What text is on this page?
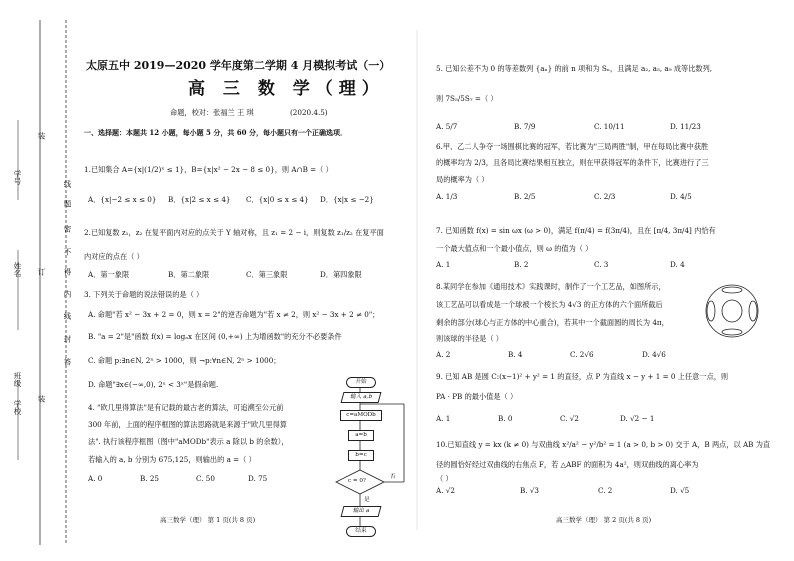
学号
姓名
学校
班级
装
密
不
得
内
线
封
答
订
装
题
线
太原五中 2019—2020 学年度第二学期 4 月模拟考试（一）
高 三 数 学（理）
命题，校对：张福兰 王 琪	(2020.4.5)
一、选择题：本题共 12 小题，每小题 5 分，共 60 分，每小题只有一个正确选项．
1.已知集合 A={x|(1/2)ˣ ≤ 1}，B={x|x² − 2x − 8 ≤ 0}，则 A∩B =（ ）
A．{x|−2 ≤ x ≤ 0} B．{x|2 ≤ x ≤ 4} C．{x|0 ≤ x ≤ 4} D．{x|x ≤ −2}
2.已知复数 z₁，z₂ 在复平面内对应的点关于 Y 轴对称，且 z₁ = 2 − i，则复数 z₁/z₂ 在复平面
内对应的点在（ ）
A．第一象限	B．第二象限	C．第三象限	D．第四象限
3. 下列关于命题的说法错误的是（ ）
A. 命题"若 x² − 3x + 2 = 0，则 x = 2"的逆否命题为"若 x ≠ 2，则 x² − 3x + 2 ≠ 0"；
B. "a = 2"是"函数 f(x) = logₐx 在区间 (0,+∞) 上为增函数"的充分不必要条件
C. 命题 p:∃n∈N, 2ⁿ > 1000，则 ¬p:∀n∈N, 2ⁿ > 1000；
D. 命题"∃x∈(−∞,0), 2ˣ < 3ˣ"是假命题.
4. "欧几里得算法"是有记载的最古老的算法，可追溯至公元前
300 年前，上面的程序框图的算法思路就是来源于"欧几里得算
法". 执行该程序框图（图中"aMODb"表示 a 除以 b 的余数），
若输入的 a, b 分别为 675,125，则输出的 a =（ ）
A. 0	B. 25	C. 50	D. 75
开始
输入 a,b
c=aMODb
a=b
b=c
c = 0?
否
是
输出 a
结束
高三数学（理） 第 1 页(共 8 页)
5. 已知公差不为 0 的等差数列 {aₙ} 的前 n 项和为 Sₙ，且满足 a₂, a₅, a₉ 成等比数列,
则 7S₅/5S₇ =（ ）
A. 5/7	B. 7/9	C. 10/11	D. 11/23
6.甲、乙二人争夺一场围棋比赛的冠军，若比赛为"三局两胜"制，甲在每局比赛中获胜
的概率均为 2/3，且各局比赛结果相互独立，则在甲获得冠军的条件下，比赛进行了三
局的概率为（ ）
A. 1/3	B. 2/5	C. 2/3	D. 4/5
7. 已知函数 f(x) = sin ωx (ω > 0)，满足 f(π/4) = f(3π/4)，且在 [π/4, 3π/4] 内恰有
一个最大值点和一个最小值点，则 ω 的值为（ ）
A. 1	B. 2	C. 3	D. 4
8.某同学在参加《通用技术》实践课时，制作了一个工艺品，如图所示，
该工艺品可以看成是一个球被一个棱长为 4√3 的正方体的六个面所截后
剩余的部分(球心与正方体的中心重合)，若其中一个截面圆的周长为 4π，
则该球的半径是（ ）
A. 2	B. 4	C. 2√6	D. 4√6
9. 已知 AB 是圆 C:(x−1)² + y² = 1 的直径，点 P 为直线 x − y + 1 = 0 上任意一点，则
PA · PB 的最小值是（ ）
A. 1	B. 0	C. √2	D. √2 − 1
10.已知直线 y = kx (k ≠ 0) 与双曲线 x²/a² − y²/b² = 1 (a > 0, b > 0) 交于 A，B 两点，以 AB 为直
径的圆恰好经过双曲线的右焦点 F，若 △ABF 的面积为 4a²，则双曲线的离心率为
（ ）
A. √2	B. √3	C. 2	D. √5
高三数学（理） 第 2 页(共 8 页)
